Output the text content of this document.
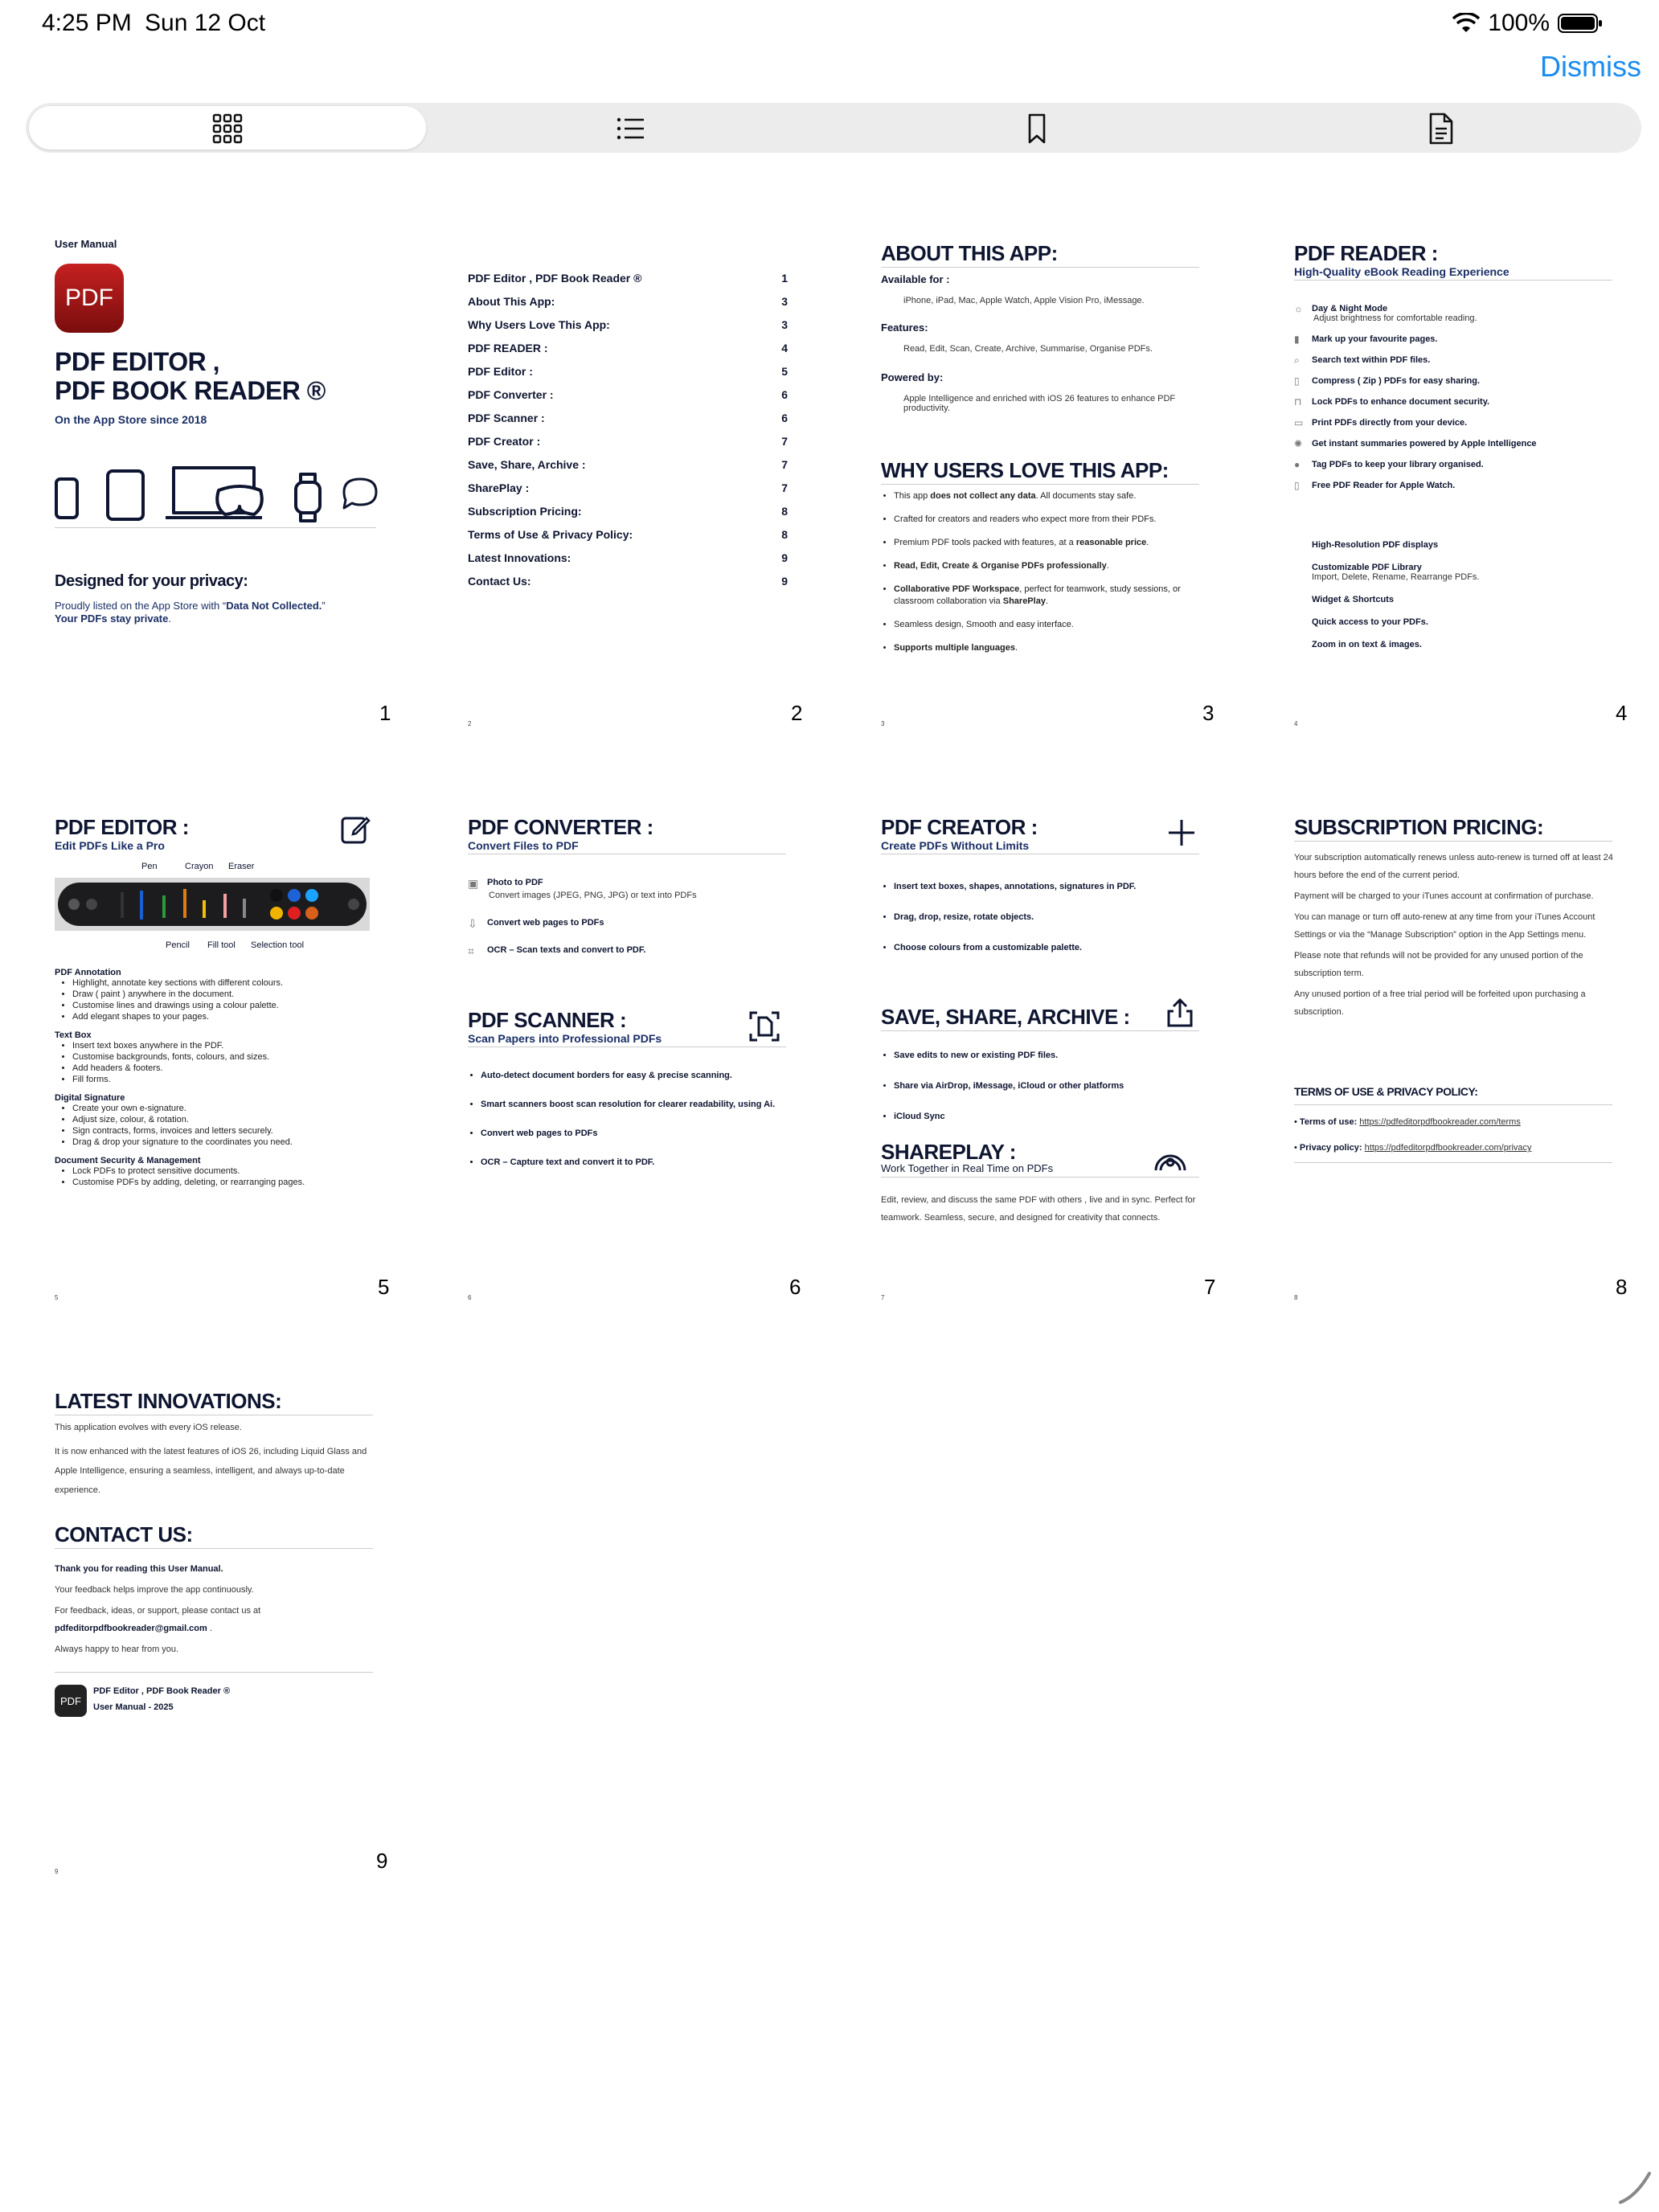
4:25 PM Sun 12 Oct	100%
Dismiss
User Manual
PDF
PDF EDITOR ,
PDF BOOK READER ®
On the App Store since 2018
Designed for your privacy:
Proudly listed on the App Store with “Data Not Collected.”
Your PDFs stay private.
1
PDF Editor , PDF Book Reader ®	1
About This App:	3
Why Users Love This App:	3
PDF READER :	4
PDF Editor :	5
PDF Converter :	6
PDF Scanner :	6
PDF Creator :	7
Save, Share, Archive :	7
SharePlay :	7
Subscription Pricing:	8
Terms of Use & Privacy Policy:	8
Latest Innovations:	9
Contact Us:	9
2	2
ABOUT THIS APP:
Available for :
iPhone, iPad, Mac, Apple Watch, Apple Vision Pro, iMessage.
Features:
Read, Edit, Scan, Create, Archive, Summarise, Organise PDFs.
Powered by:
Apple Intelligence and enriched with iOS 26 features to enhance PDF productivity.
WHY USERS LOVE THIS APP:
• This app does not collect any data. All documents stay safe.
• Crafted for creators and readers who expect more from their PDFs.
• Premium PDF tools packed with features, at a reasonable price.
• Read, Edit, Create & Organise PDFs professionally.
• Collaborative PDF Workspace, perfect for teamwork, study sessions, or classroom collaboration via SharePlay.
• Seamless design, Smooth and easy interface.
• Supports multiple languages.
3	3
PDF READER :
High-Quality eBook Reading Experience
☼ Day & Night Mode
Adjust brightness for comfortable reading.
▮ Mark up your favourite pages.
⌕ Search text within PDF files.
▯ Compress ( Zip ) PDFs for easy sharing.
⊓ Lock PDFs to enhance document security.
▭ Print PDFs directly from your device.
✺ Get instant summaries powered by Apple Intelligence
● Tag PDFs to keep your library organised.
▯ Free PDF Reader for Apple Watch.
High-Resolution PDF displays
Customizable PDF Library
Import, Delete, Rename, Rearrange PDFs.
Widget & Shortcuts
Quick access to your PDFs.
Zoom in on text & images.
4	4
PDF EDITOR :
Edit PDFs Like a Pro
Pen	Crayon Eraser
Pencil Fill tool Selection tool
PDF Annotation
• Highlight, annotate key sections with different colours.
• Draw ( paint ) anywhere in the document.
• Customise lines and drawings using a colour palette.
• Add elegant shapes to your pages.
Text Box
• Insert text boxes anywhere in the PDF.
• Customise backgrounds, fonts, colours, and sizes.
• Add headers & footers.
• Fill forms.
Digital Signature
• Create your own e-signature.
• Adjust size, colour, & rotation.
• Sign contracts, forms, invoices and letters securely.
• Drag & drop your signature to the coordinates you need.
Document Security & Management
• Lock PDFs to protect sensitive documents.
• Customise PDFs by adding, deleting, or rearranging pages.
5	5
PDF CONVERTER :
Convert Files to PDF
▣ Photo to PDF
Convert images (JPEG, PNG, JPG) or text into PDFs
⇩ Convert web pages to PDFs
⌗ OCR – Scan texts and convert to PDF.
PDF SCANNER :
Scan Papers into Professional PDFs
• Auto-detect document borders for easy & precise scanning.
• Smart scanners boost scan resolution for clearer readability, using Ai.
• Convert web pages to PDFs
• OCR – Capture text and convert it to PDF.
6	6
PDF CREATOR :
Create PDFs Without Limits
• Insert text boxes, shapes, annotations, signatures in PDF.
• Drag, drop, resize, rotate objects.
• Choose colours from a customizable palette.
SAVE, SHARE, ARCHIVE :
• Save edits to new or existing PDF files.
• Share via AirDrop, iMessage, iCloud or other platforms
• iCloud Sync
SHAREPLAY :
Work Together in Real Time on PDFs
Edit, review, and discuss the same PDF with others , live and in sync. Perfect for teamwork. Seamless, secure, and designed for creativity that connects.
7	7
SUBSCRIPTION PRICING:
Your subscription automatically renews unless auto-renew is turned off at least 24 hours before the end of the current period.
Payment will be charged to your iTunes account at confirmation of purchase.
You can manage or turn off auto-renew at any time from your iTunes Account Settings or via the “Manage Subscription” option in the App Settings menu.
Please note that refunds will not be provided for any unused portion of the subscription term.
Any unused portion of a free trial period will be forfeited upon purchasing a subscription.
TERMS OF USE & PRIVACY POLICY:
• Terms of use: https://pdfeditorpdfbookreader.com/terms
• Privacy policy: https://pdfeditorpdfbookreader.com/privacy
8	8
LATEST INNOVATIONS:
This application evolves with every iOS release.
It is now enhanced with the latest features of iOS 26, including Liquid Glass and Apple Intelligence, ensuring a seamless, intelligent, and always up-to-date experience.
CONTACT US:
Thank you for reading this User Manual.
Your feedback helps improve the app continuously.
For feedback, ideas, or support, please contact us at
pdfeditorpdfbookreader@gmail.com .
Always happy to hear from you.
PDF
PDF Editor , PDF Book Reader ®
User Manual - 2025
9	9
